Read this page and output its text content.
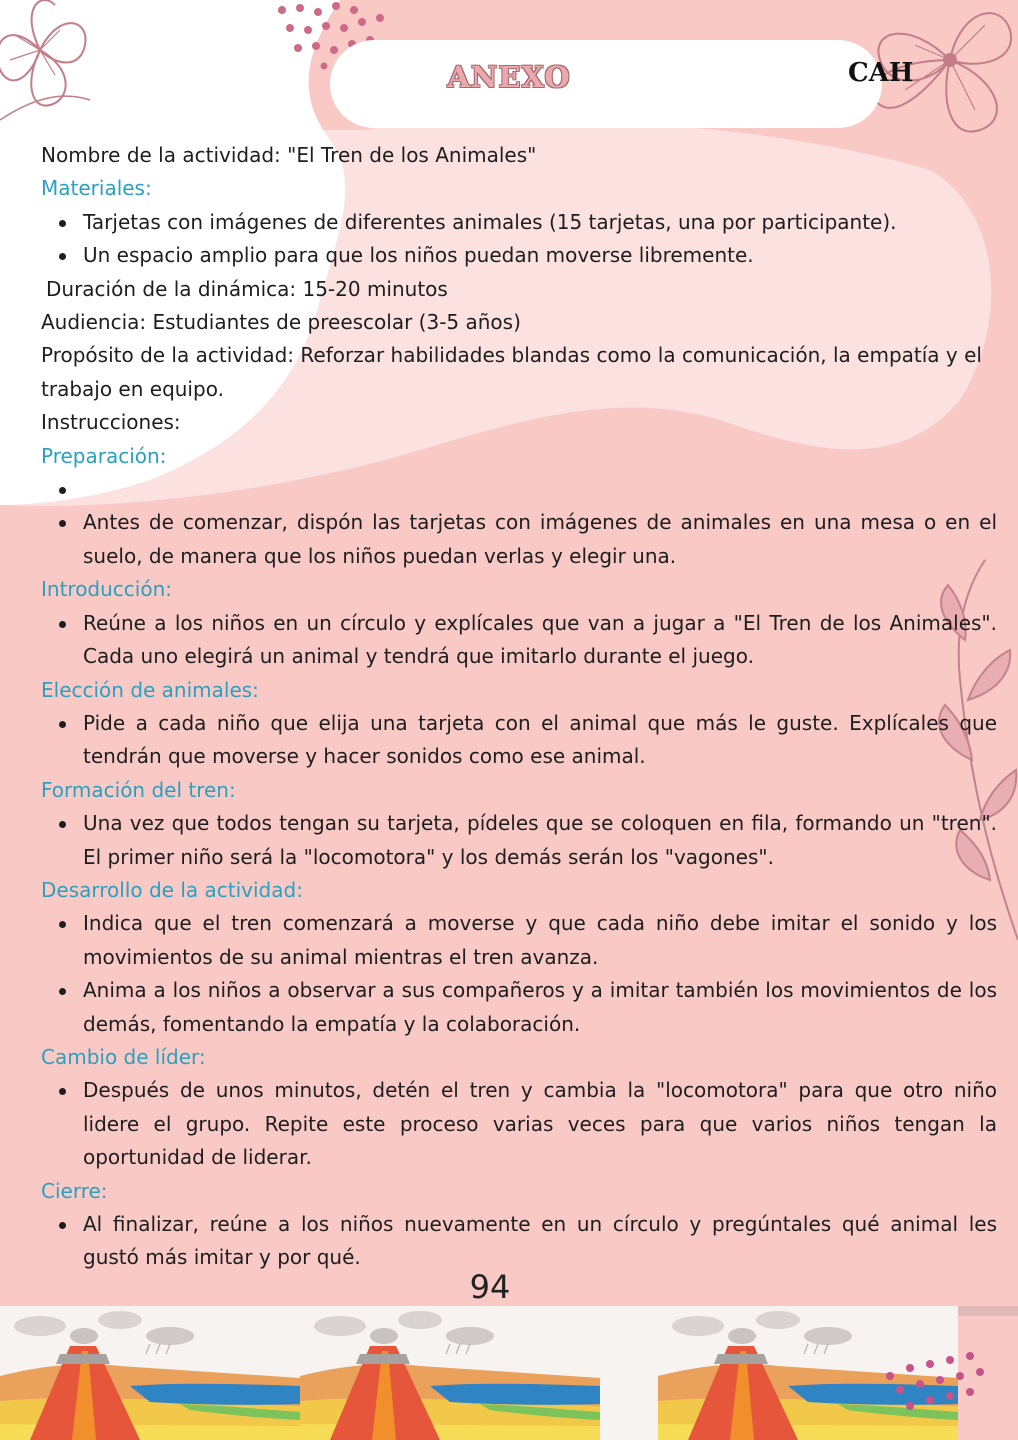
ANEXO	CAH

Nombre de la actividad: "El Tren de los Animales"

Materiales:

Tarjetas con imágenes de diferentes animales (15 tarjetas, una por participante).
Un espacio amplio para que los niños puedan moverse libremente.

Duración de la dinámica: 15-20 minutos

Audiencia: Estudiantes de preescolar (3-5 años)

Propósito de la actividad: Reforzar habilidades blandas como la comunicación, la empatía y el trabajo en equipo.

Instrucciones:

Preparación:

Antes de comenzar, dispón las tarjetas con imágenes de animales en una mesa o en el suelo, de manera que los niños puedan verlas y elegir una.

Introducción:

Reúne a los niños en un círculo y explícales que van a jugar a "El Tren de los Animales". Cada uno elegirá un animal y tendrá que imitarlo durante el juego.

Elección de animales:

Pide a cada niño que elija una tarjeta con el animal que más le guste. Explícales que tendrán que moverse y hacer sonidos como ese animal.

Formación del tren:

Una vez que todos tengan su tarjeta, pídeles que se coloquen en fila, formando un "tren". El primer niño será la "locomotora" y los demás serán los "vagones".

Desarrollo de la actividad:

Indica que el tren comenzará a moverse y que cada niño debe imitar el sonido y los movimientos de su animal mientras el tren avanza.
Anima a los niños a observar a sus compañeros y a imitar también los movimientos de los demás, fomentando la empatía y la colaboración.

Cambio de líder:

Después de unos minutos, detén el tren y cambia la "locomotora" para que otro niño lidere el grupo. Repite este proceso varias veces para que varios niños tengan la oportunidad de liderar.

Cierre:

Al finalizar, reúne a los niños nuevamente en un círculo y pregúntales qué animal les gustó más imitar y por qué.
94
